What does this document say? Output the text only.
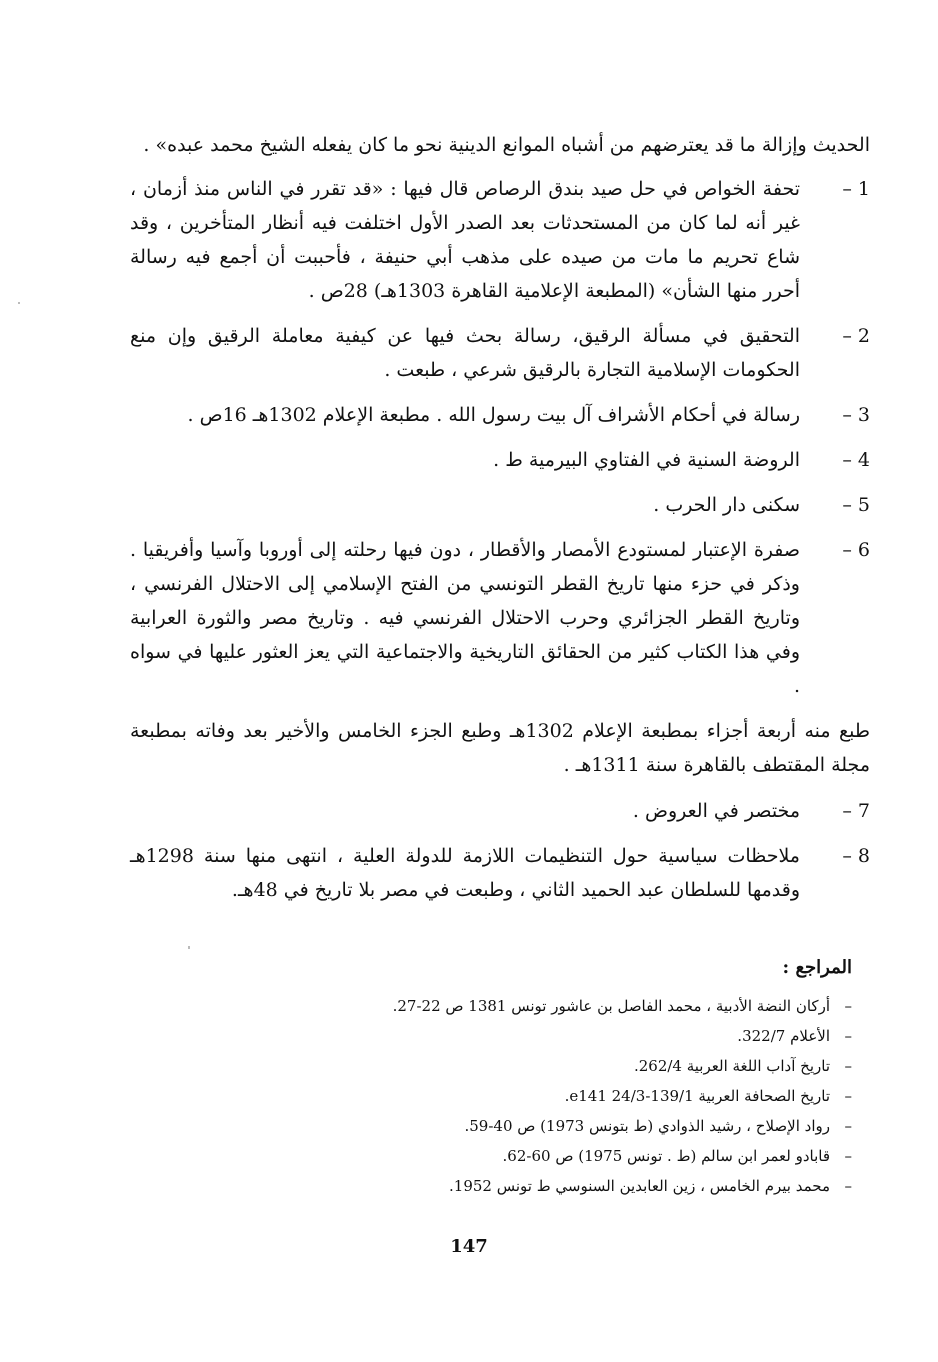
الحديث وإزالة ما قد يعترضهم من أشباه الموانع الدينية نحو ما كان يفعله الشيخ محمد عبده» .

1 –
تحفة الخواص في حل صيد بندق الرصاص قال فيها : «قد تقرر في الناس منذ أزمان ، غير أنه لما كان من المستحدثات بعد الصدر الأول اختلفت فيه أنظار المتأخرين ، وقد شاع تحريم ما مات من صيده على مذهب أبي حنيفة ، فأحببت أن أجمع فيه رسالة أحرر منها الشأن» (المطبعة الإعلامية القاهرة 1303هـ) 28ص .
2 –
التحقيق في مسألة الرقيق، رسالة بحث فيها عن كيفية معاملة الرقيق وإن منع الحكومات الإسلامية التجارة بالرقيق شرعي ، طبعت .
3 –
رسالة في أحكام الأشراف آل بيت رسول الله . مطبعة الإعلام 1302هـ 16ص .
4 –
الروضة السنية في الفتاوي البيرمية ط .
5 –
سكنى دار الحرب .
6 –
صفرة الإعتبار لمستودع الأمصار والأقطار ، دون فيها رحلته إلى أوروبا وآسيا وأفريقيا . وذكر في حزء منها تاريخ القطر التونسي من الفتح الإسلامي إلى الاحتلال الفرنسي ، وتاريخ القطر الجزائري وحرب الاحتلال الفرنسي فيه . وتاريخ مصر والثورة العرابية وفي هذا الكتاب كثير من الحقائق التاريخية والاجتماعية التي يعز العثور عليها في سواه .

طبع منه أربعة أجزاء بمطبعة الإعلام 1302هـ وطبع الجزء الخامس والأخير بعد وفاته بمطبعة مجلة المقتطف بالقاهرة سنة 1311هـ .

7 –
مختصر في العروض .
8 –
ملاحظات سياسية حول التنظيمات اللازمة للدولة العلية ، انتهى منها سنة 1298هـ وقدمها للسلطان عبد الحميد الثاني ، وطبعت في مصر بلا تاريخ في 48هـ.
المراجع :
–أركان النضة الأدبية ، محمد الفاصل بن عاشور تونس 1381 ص 22-27.
–الأعلام 322/7.
–تاريخ آداب اللغة العربية 262/4.
–تاريخ الصحافة العربية 139/1-e141 24/3.
–رواد الإصلاح ، رشيد الذوادي (ط بتونس 1973) ص 40-59.
–قابادو لعمر ابن سالم (ط . تونس 1975) ص 60-62.
–محمد بيرم الخامس ، زين العابدين السنوسي ط تونس 1952.
147
